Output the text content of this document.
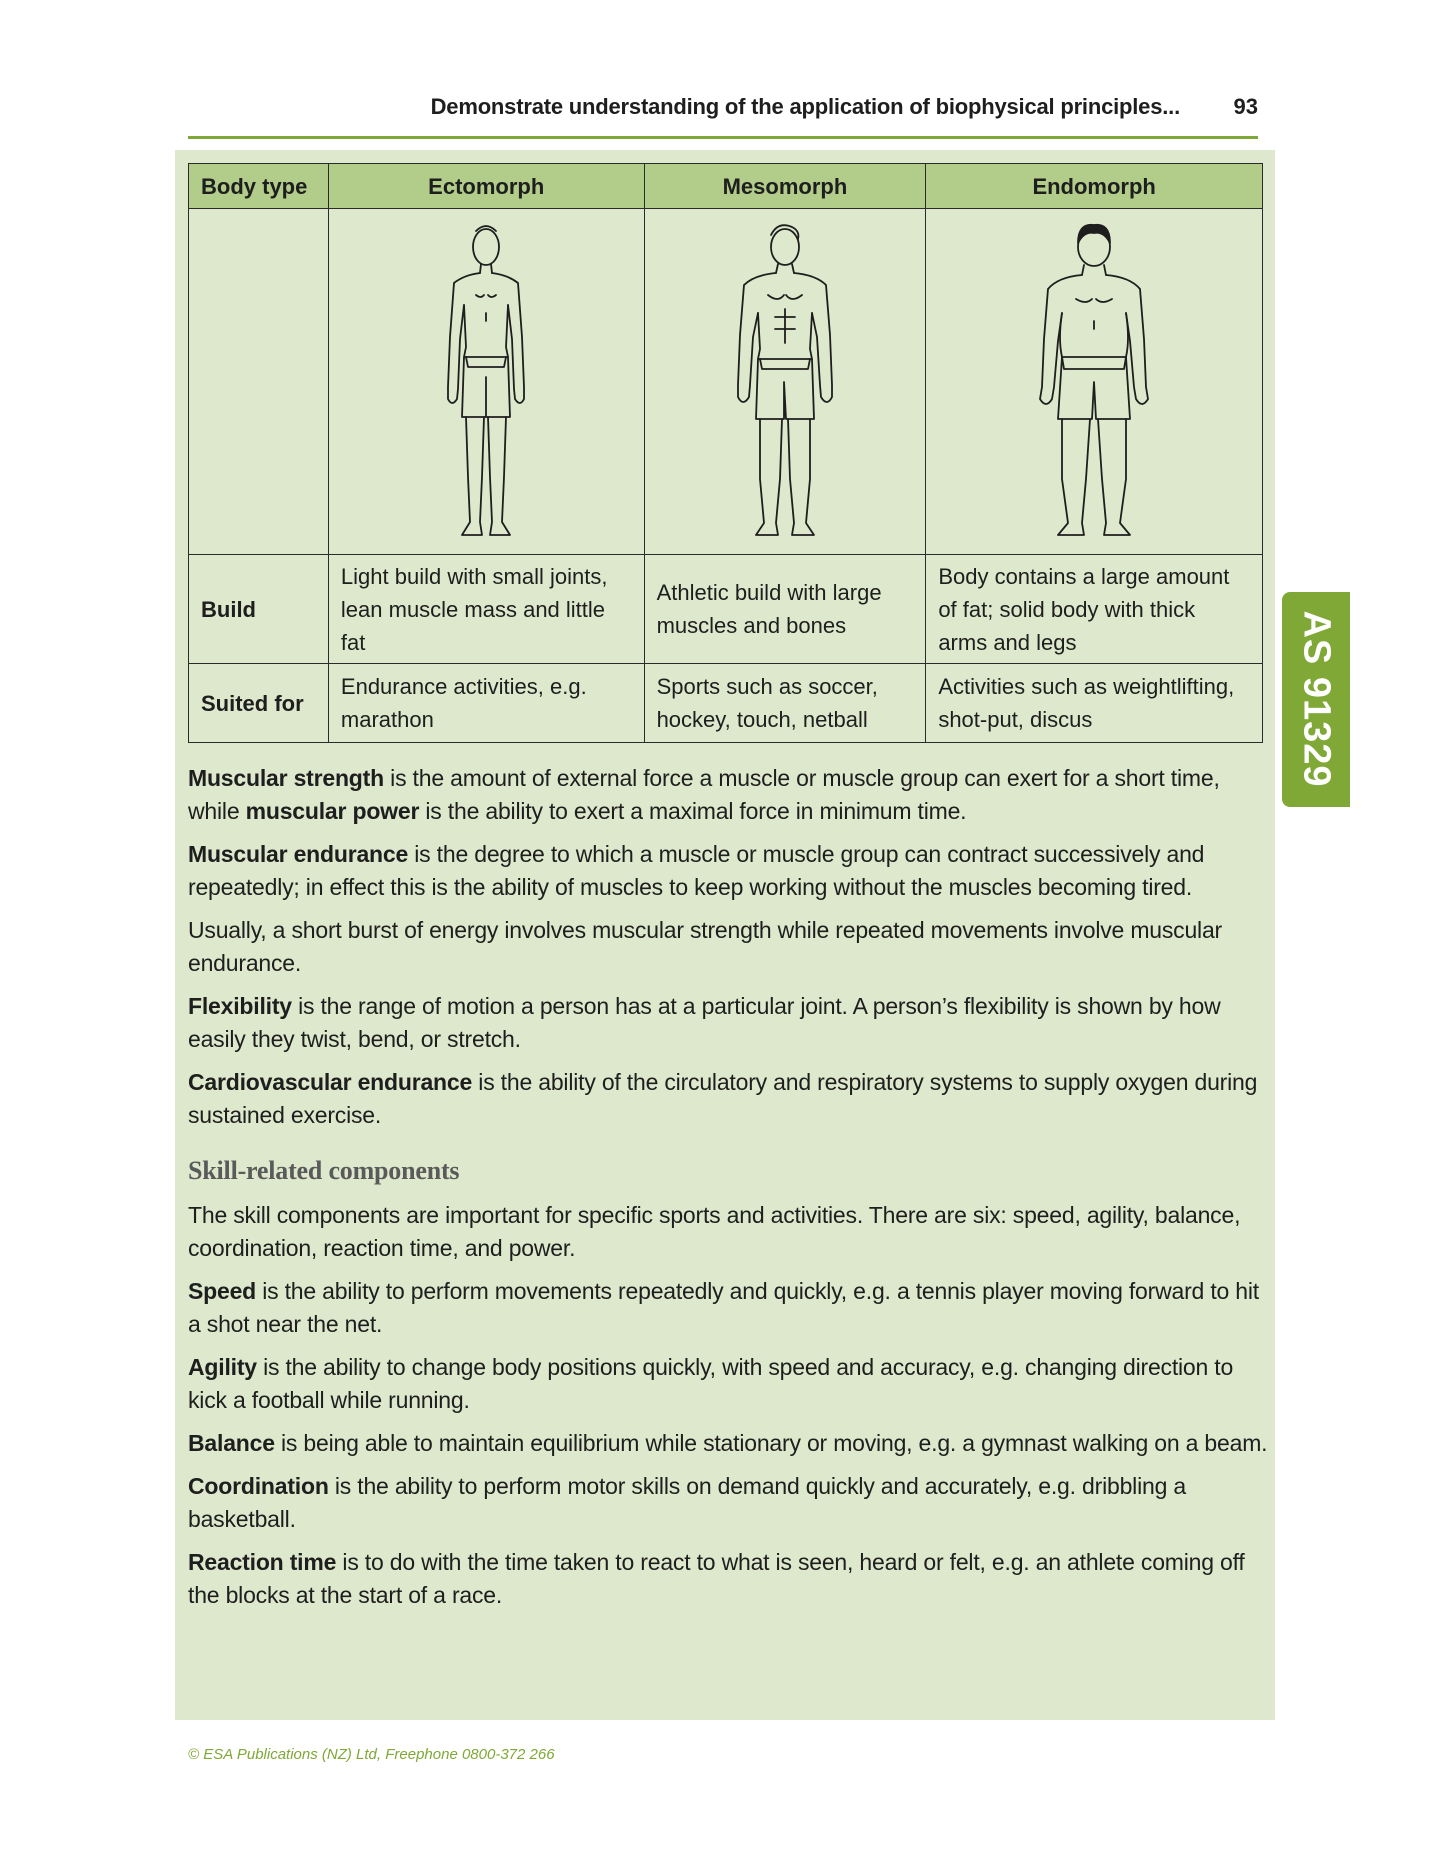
Demonstrate understanding of the application of biophysical principles... 93
Body type	Ectomorph	Mesomorph	Endomorph

Build	Light build with small joints, lean muscle mass and little fat	Athletic build with large muscles and bones	Body contains a large amount of fat; solid body with thick arms and legs
Suited for	Endurance activities, e.g. marathon	Sports such as soccer, hockey, touch, netball	Activities such as weightlifting, shot-put, discus

Muscular strength is the amount of external force a muscle or muscle group can exert for a short time, while muscular power is the ability to exert a maximal force in minimum time.

Muscular endurance is the degree to which a muscle or muscle group can contract successively and repeatedly; in effect this is the ability of muscles to keep working without the muscles becoming tired.

Usually, a short burst of energy involves muscular strength while repeated movements involve muscular endurance.

Flexibility is the range of motion a person has at a particular joint. A person’s flexibility is shown by how easily they twist, bend, or stretch.

Cardiovascular endurance is the ability of the circulatory and respiratory systems to supply oxygen during sustained exercise.

Skill-related components

The skill components are important for specific sports and activities. There are six: speed, agility, balance, coordination, reaction time, and power.

Speed is the ability to perform movements repeatedly and quickly, e.g. a tennis player moving forward to hit a shot near the net.

Agility is the ability to change body positions quickly, with speed and accuracy, e.g. changing direction to kick a football while running.

Balance is being able to maintain equilibrium while stationary or moving, e.g. a gymnast walking on a beam.

Coordination is the ability to perform motor skills on demand quickly and accurately, e.g. dribbling a basketball.

Reaction time is to do with the time taken to react to what is seen, heard or felt, e.g. an athlete coming off the blocks at the start of a race.

AS 91329
© ESA Publications (NZ) Ltd, Freephone 0800-372 266
